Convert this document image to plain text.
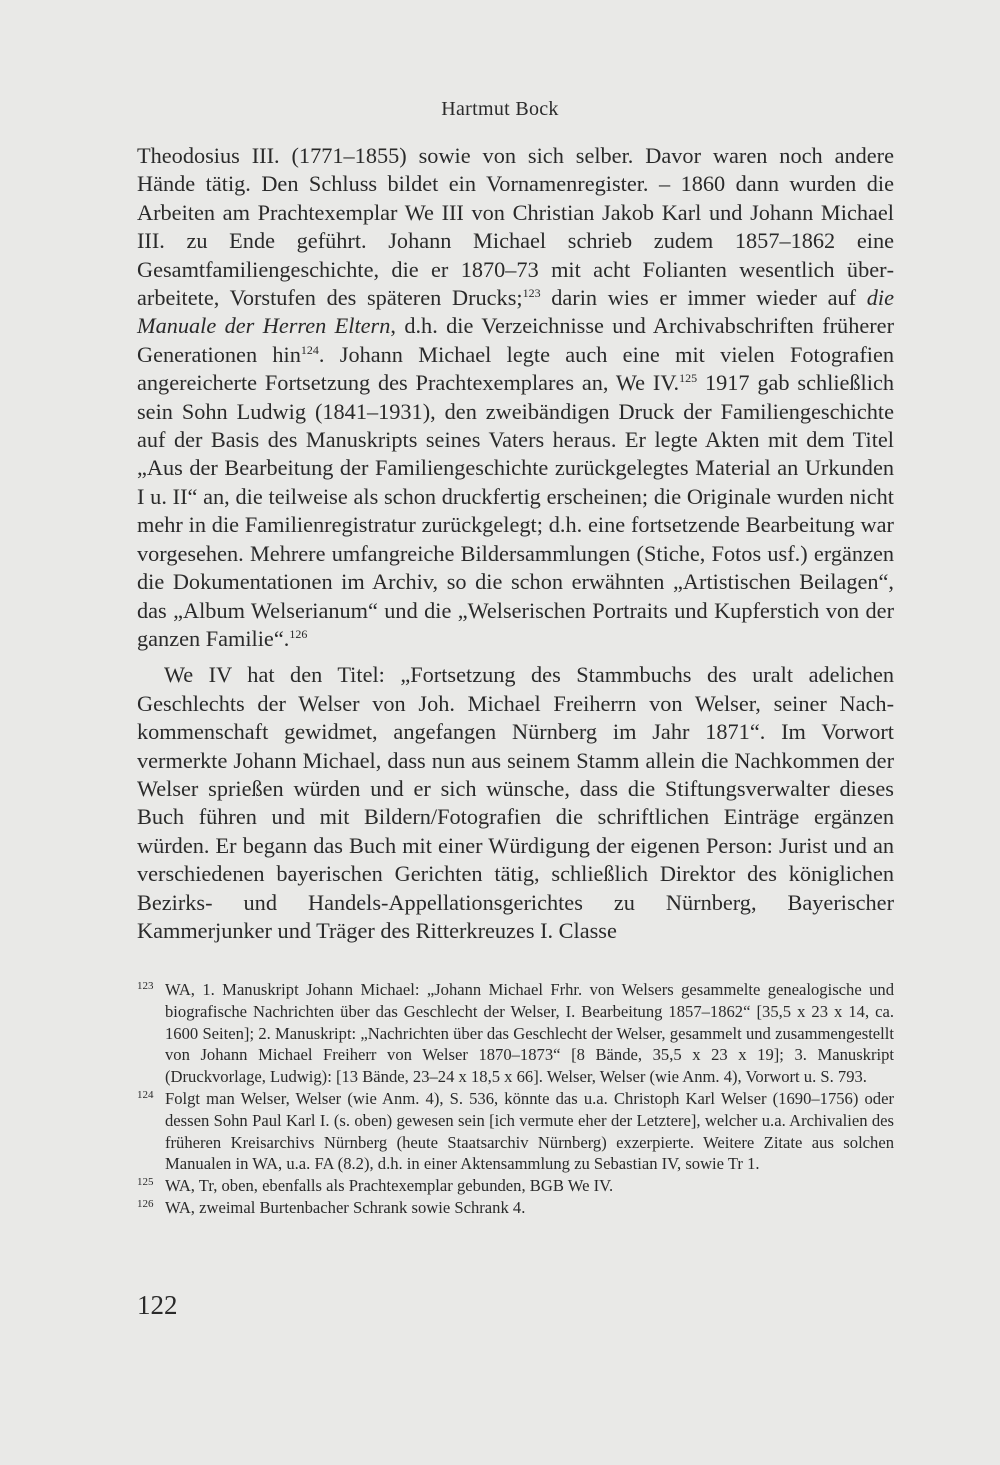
Hartmut Bock

Theodosius III. (1771–1855) sowie von sich selber. Davor waren noch andere Hände tätig. Den Schluss bildet ein Vornamenregister. – 1860 dann wurden die Arbeiten am Prachtexemplar We III von Christian Jakob Karl und Johann Michael III. zu Ende geführt. Johann Michael schrieb zudem 1857–1862 eine Gesamtfamiliengeschichte, die er 1870–73 mit acht Folianten wesentlich überarbeitete, Vorstufen des späteren Drucks;$^{123}$ darin wies er immer wieder auf die Manuale der Herren Eltern, d.h. die Verzeichnisse und Archivabschriften früherer Generationen hin$^{124}$. Johann Michael legte auch eine mit vielen Fotografien angereicherte Fortsetzung des Prachtexemplares an, We IV.$^{125}$ 1917 gab schließlich sein Sohn Ludwig (1841–1931), den zweibändigen Druck der Familiengeschichte auf der Basis des Manuskripts seines Vaters heraus. Er legte Akten mit dem Titel „Aus der Bearbeitung der Familiengeschichte zurückgelegtes Material an Urkunden I u. II“ an, die teilweise als schon druckfertig erscheinen; die Originale wurden nicht mehr in die Familienregistratur zurückgelegt; d.h. eine fortsetzende Bearbeitung war vorgesehen. Mehrere umfangreiche Bildersammlungen (Stiche, Fotos usf.) ergänzen die Dokumentationen im Archiv, so die schon erwähnten „Artistischen Beilagen“, das „Album Welserianum“ und die „Welserischen Portraits und Kupferstich von der ganzen Familie“.$^{126}$

We IV hat den Titel: „Fortsetzung des Stammbuchs des uralt adelichen Geschlechts der Welser von Joh. Michael Freiherrn von Welser, seiner Nachkommenschaft gewidmet, angefangen Nürnberg im Jahr 1871“. Im Vorwort vermerkte Johann Michael, dass nun aus seinem Stamm allein die Nachkommen der Welser sprießen würden und er sich wünsche, dass die Stiftungsverwalter dieses Buch führen und mit Bildern/Fotografien die schriftlichen Einträge ergänzen würden. Er begann das Buch mit einer Würdigung der eigenen Person: Jurist und an verschiedenen bayerischen Gerichten tätig, schließlich Direktor des königlichen Bezirks- und Handels-Appellationsgerichtes zu Nürnberg, Bayerischer Kammerjunker und Träger des Ritterkreuzes I. Classe

123 WA, 1. Manuskript Johann Michael: „Johann Michael Frhr. von Welsers gesammelte genealogische und biografische Nachrichten über das Geschlecht der Welser, I. Bearbeitung 1857–1862“ [35,5 x 23 x 14, ca. 1600 Seiten]; 2. Manuskript: „Nachrichten über das Geschlecht der Welser, gesammelt und zusammengestellt von Johann Michael Freiherr von Welser 1870–1873“ [8 Bände, 35,5 x 23 x 19]; 3. Manuskript (Druckvorlage, Ludwig): [13 Bände, 23–24 x 18,5 x 66]. Welser, Welser (wie Anm. 4), Vorwort u. S. 793.

124 Folgt man Welser, Welser (wie Anm. 4), S. 536, könnte das u.a. Christoph Karl Welser (1690–1756) oder dessen Sohn Paul Karl I. (s. oben) gewesen sein [ich vermute eher der Letztere], welcher u.a. Archivalien des früheren Kreisarchivs Nürnberg (heute Staatsarchiv Nürnberg) exzerpierte. Weitere Zitate aus solchen Manualen in WA, u.a. FA (8.2), d.h. in einer Aktensammlung zu Sebastian IV, sowie Tr 1.

125 WA, Tr, oben, ebenfalls als Prachtexemplar gebunden, BGB We IV.

126 WA, zweimal Burtenbacher Schrank sowie Schrank 4.

122
